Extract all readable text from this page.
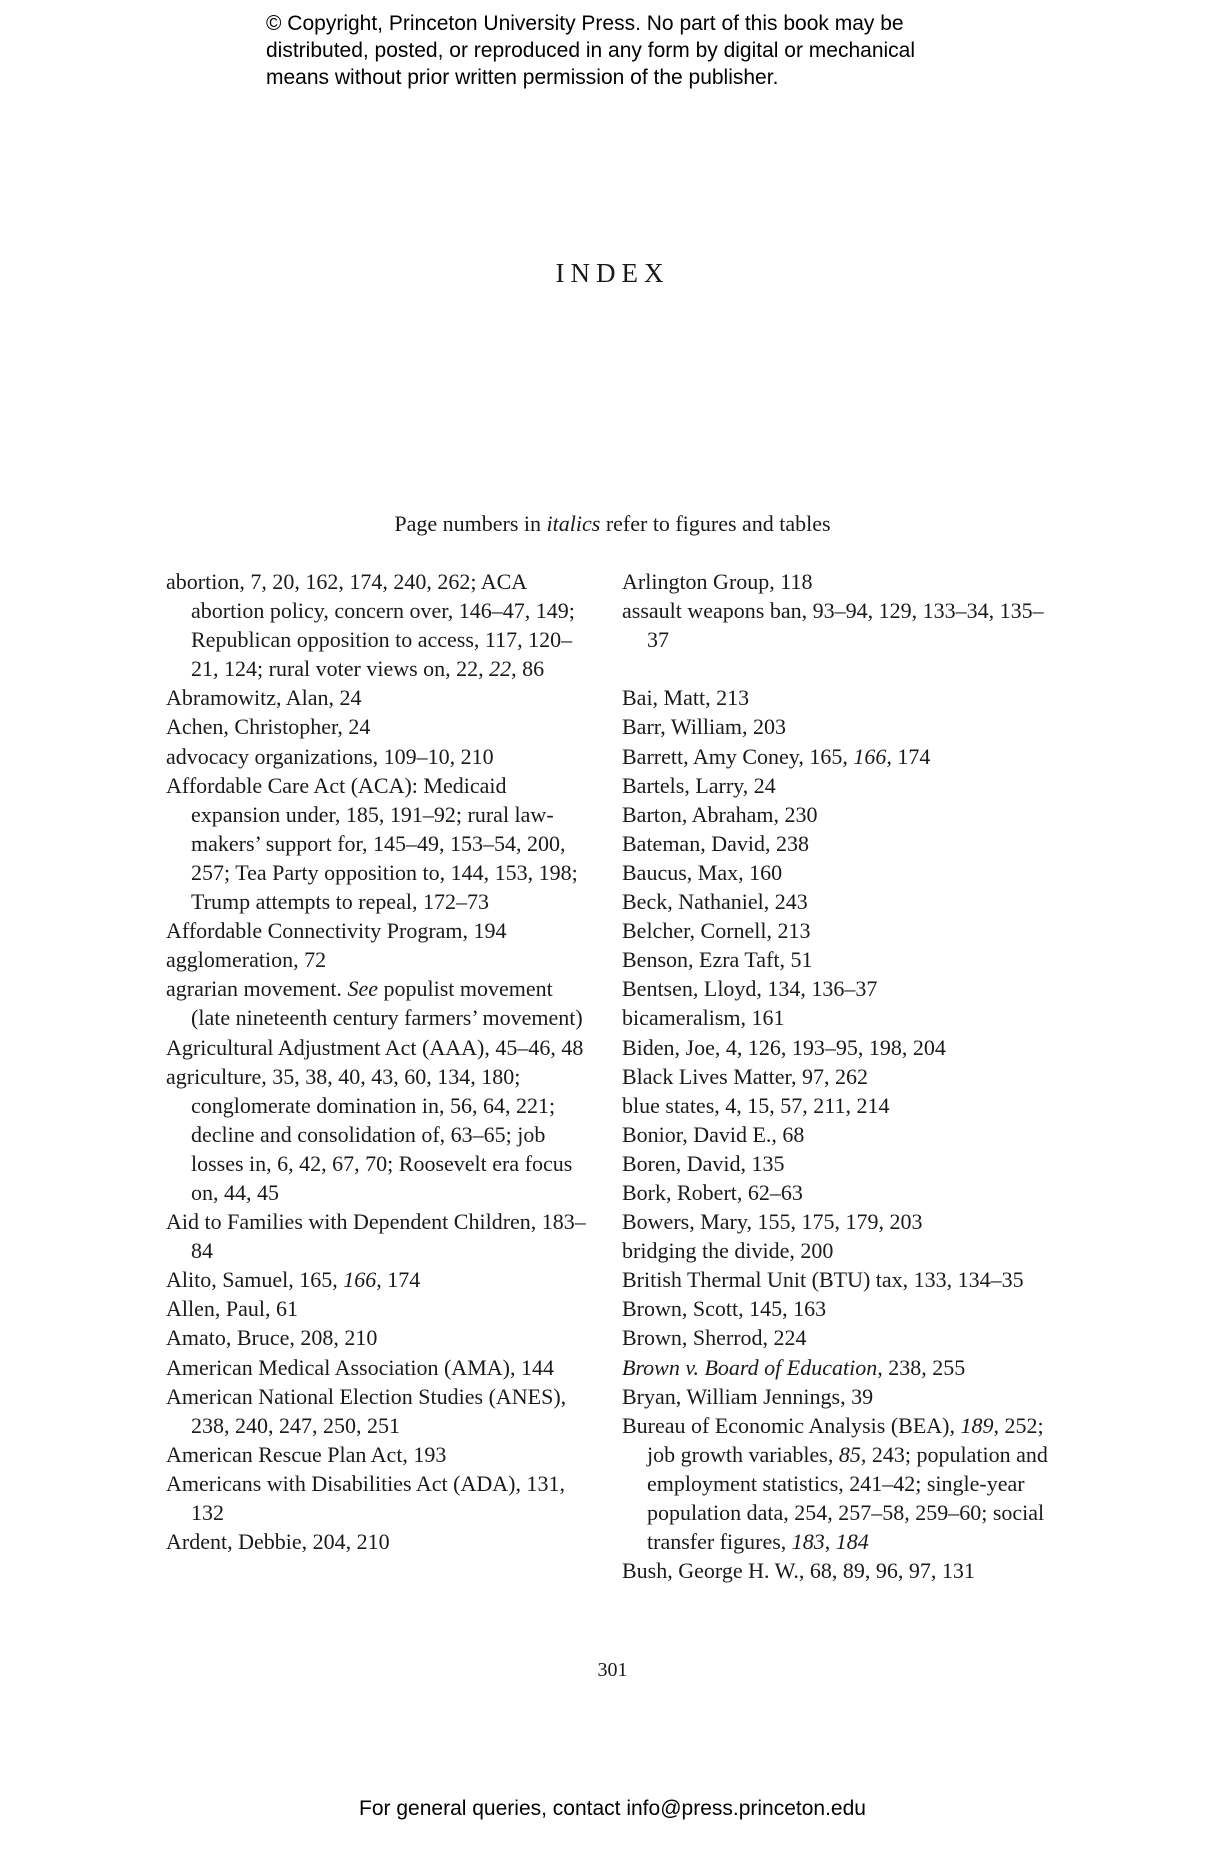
© Copyright, Princeton University Press. No part of this book may be
distributed, posted, or reproduced in any form by digital or mechanical
means without prior written permission of the publisher.
INDEX
Page numbers in italics refer to figures and tables
abortion, 7, 20, 162, 174, 240, 262; ACA abortion policy, concern over, 146–47, 149; Republican opposition to access, 117, 120–21, 124; rural voter views on, 22, 22, 86
Abramowitz, Alan, 24
Achen, Christopher, 24
advocacy organizations, 109–10, 210
Affordable Care Act (ACA): Medicaid expansion under, 185, 191–92; rural law-makers’ support for, 145–49, 153–54, 200, 257; Tea Party opposition to, 144, 153, 198; Trump attempts to repeal, 172–73
Affordable Connectivity Program, 194
agglomeration, 72
agrarian movement. See populist movement (late nineteenth century farmers’ movement)
Agricultural Adjustment Act (AAA), 45–46, 48
agriculture, 35, 38, 40, 43, 60, 134, 180; conglomerate domination in, 56, 64, 221; decline and consolidation of, 63–65; job losses in, 6, 42, 67, 70; Roosevelt era focus on, 44, 45
Aid to Families with Dependent Children, 183–84
Alito, Samuel, 165, 166, 174
Allen, Paul, 61
Amato, Bruce, 208, 210
American Medical Association (AMA), 144
American National Election Studies (ANES), 238, 240, 247, 250, 251
American Rescue Plan Act, 193
Americans with Disabilities Act (ADA), 131, 132
Ardent, Debbie, 204, 210
Arlington Group, 118
assault weapons ban, 93–94, 129, 133–34, 135–37
Bai, Matt, 213
Barr, William, 203
Barrett, Amy Coney, 165, 166, 174
Bartels, Larry, 24
Barton, Abraham, 230
Bateman, David, 238
Baucus, Max, 160
Beck, Nathaniel, 243
Belcher, Cornell, 213
Benson, Ezra Taft, 51
Bentsen, Lloyd, 134, 136–37
bicameralism, 161
Biden, Joe, 4, 126, 193–95, 198, 204
Black Lives Matter, 97, 262
blue states, 4, 15, 57, 211, 214
Bonior, David E., 68
Boren, David, 135
Bork, Robert, 62–63
Bowers, Mary, 155, 175, 179, 203
bridging the divide, 200
British Thermal Unit (BTU) tax, 133, 134–35
Brown, Scott, 145, 163
Brown, Sherrod, 224
Brown v. Board of Education, 238, 255
Bryan, William Jennings, 39
Bureau of Economic Analysis (BEA), 189, 252; job growth variables, 85, 243; population and employment statistics, 241–42; single-year population data, 254, 257–58, 259–60; social transfer figures, 183, 184
Bush, George H. W., 68, 89, 96, 97, 131
301
For general queries, contact info@press.princeton.edu
